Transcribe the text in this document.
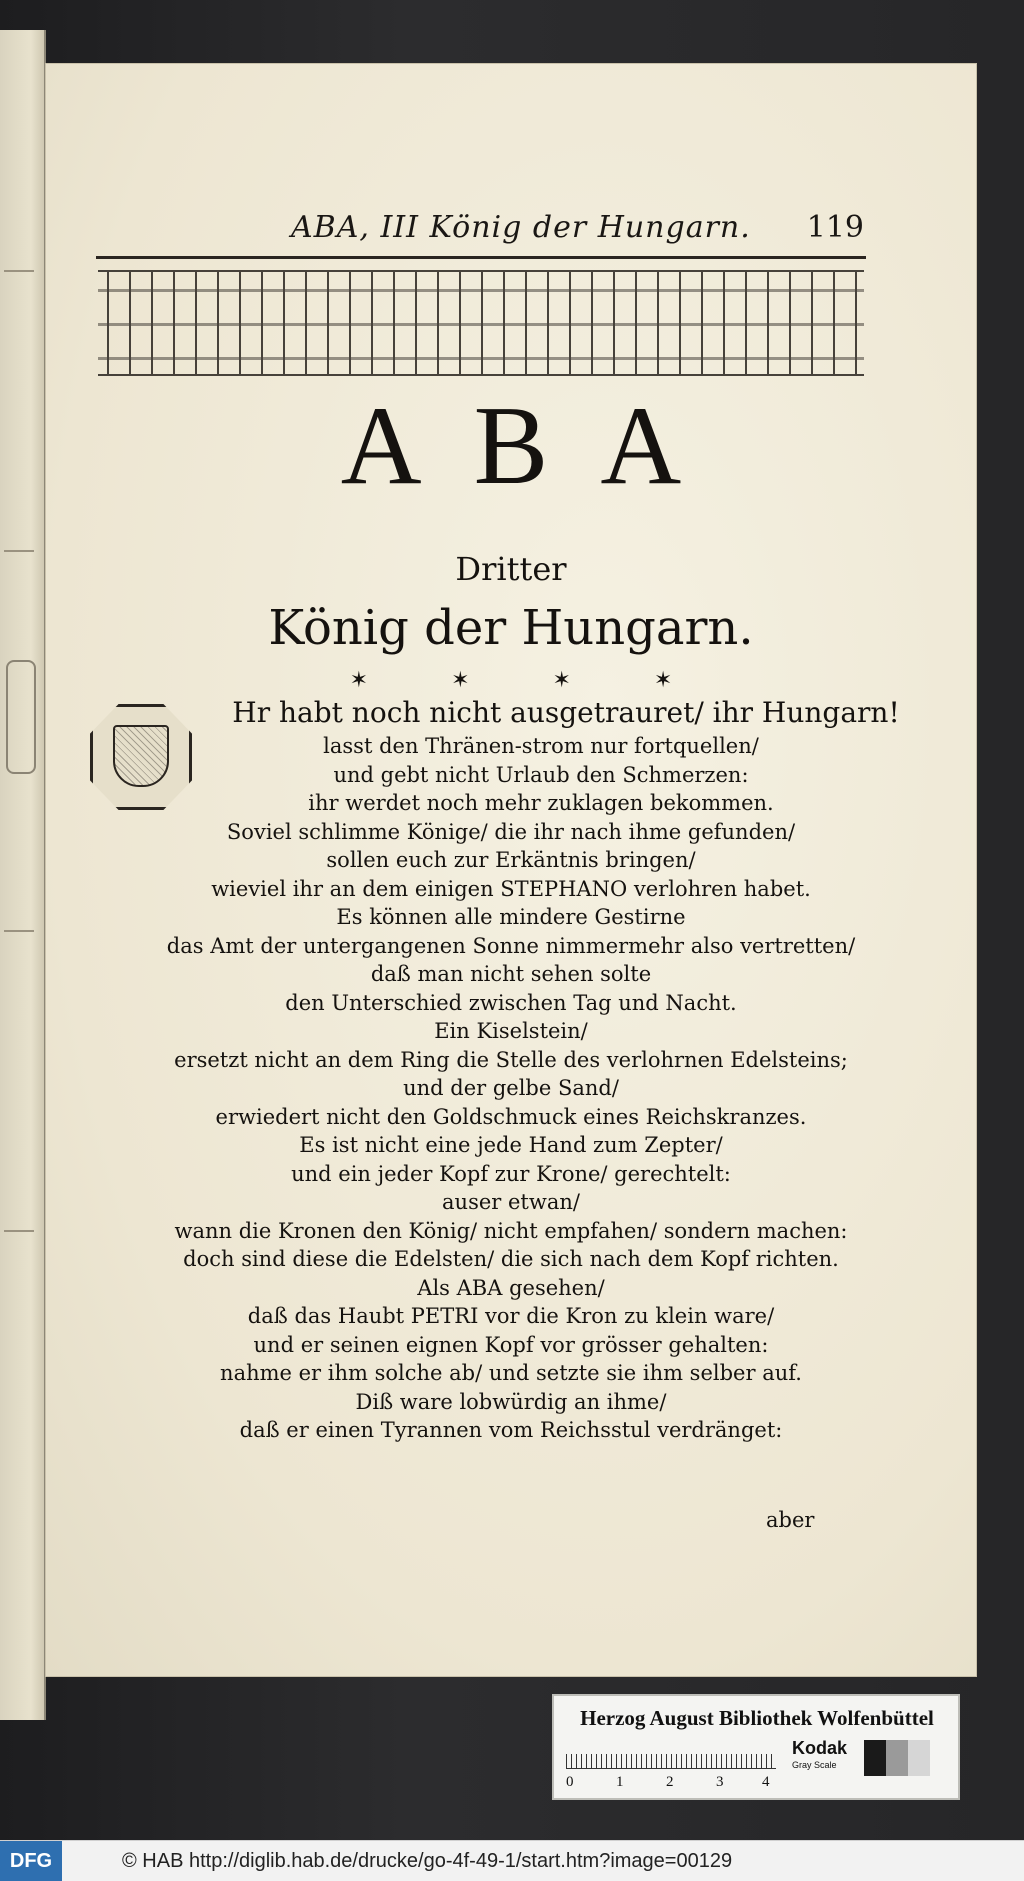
ABA, III König der Hungarn. 119
ABA
Dritter
König der Hungarn.
✶ ✶ ✶ ✶
Hr habt noch nicht ausgetrauret/ ihr Hungarn!
lasst den Thränen-strom nur fortquellen/
und gebt nicht Urlaub den Schmerzen:
ihr werdet noch mehr zuklagen bekommen.
Soviel schlimme Könige/ die ihr nach ihme gefunden/
sollen euch zur Erkäntnis bringen/
wieviel ihr an dem einigen STEPHANO verlohren habet.
Es können alle mindere Gestirne
das Amt der untergangenen Sonne nimmermehr also vertretten/
daß man nicht sehen solte
den Unterschied zwischen Tag und Nacht.
Ein Kiselstein/
ersetzt nicht an dem Ring die Stelle des verlohrnen Edelsteins;
und der gelbe Sand/
erwiedert nicht den Goldschmuck eines Reichskranzes.
Es ist nicht eine jede Hand zum Zepter/
und ein jeder Kopf zur Krone/ gerechtelt:
auser etwan/
wann die Kronen den König/ nicht empfahen/ sondern machen:
doch sind diese die Edelsten/ die sich nach dem Kopf richten.
Als ABA gesehen/
daß das Haubt PETRI vor die Kron zu klein ware/
und er seinen eignen Kopf vor grösser gehalten:
nahme er ihm solche ab/ und setzte sie ihm selber auf.
Diß ware lobwürdig an ihme/
daß er einen Tyrannen vom Reichsstul verdränget:
aber
Herzog August Bibliothek Wolfenbüttel
0	1	2	3	4
Kodak
Gray Scale
DFG	© HAB http://diglib.hab.de/drucke/go-4f-49-1/start.htm?image=00129
